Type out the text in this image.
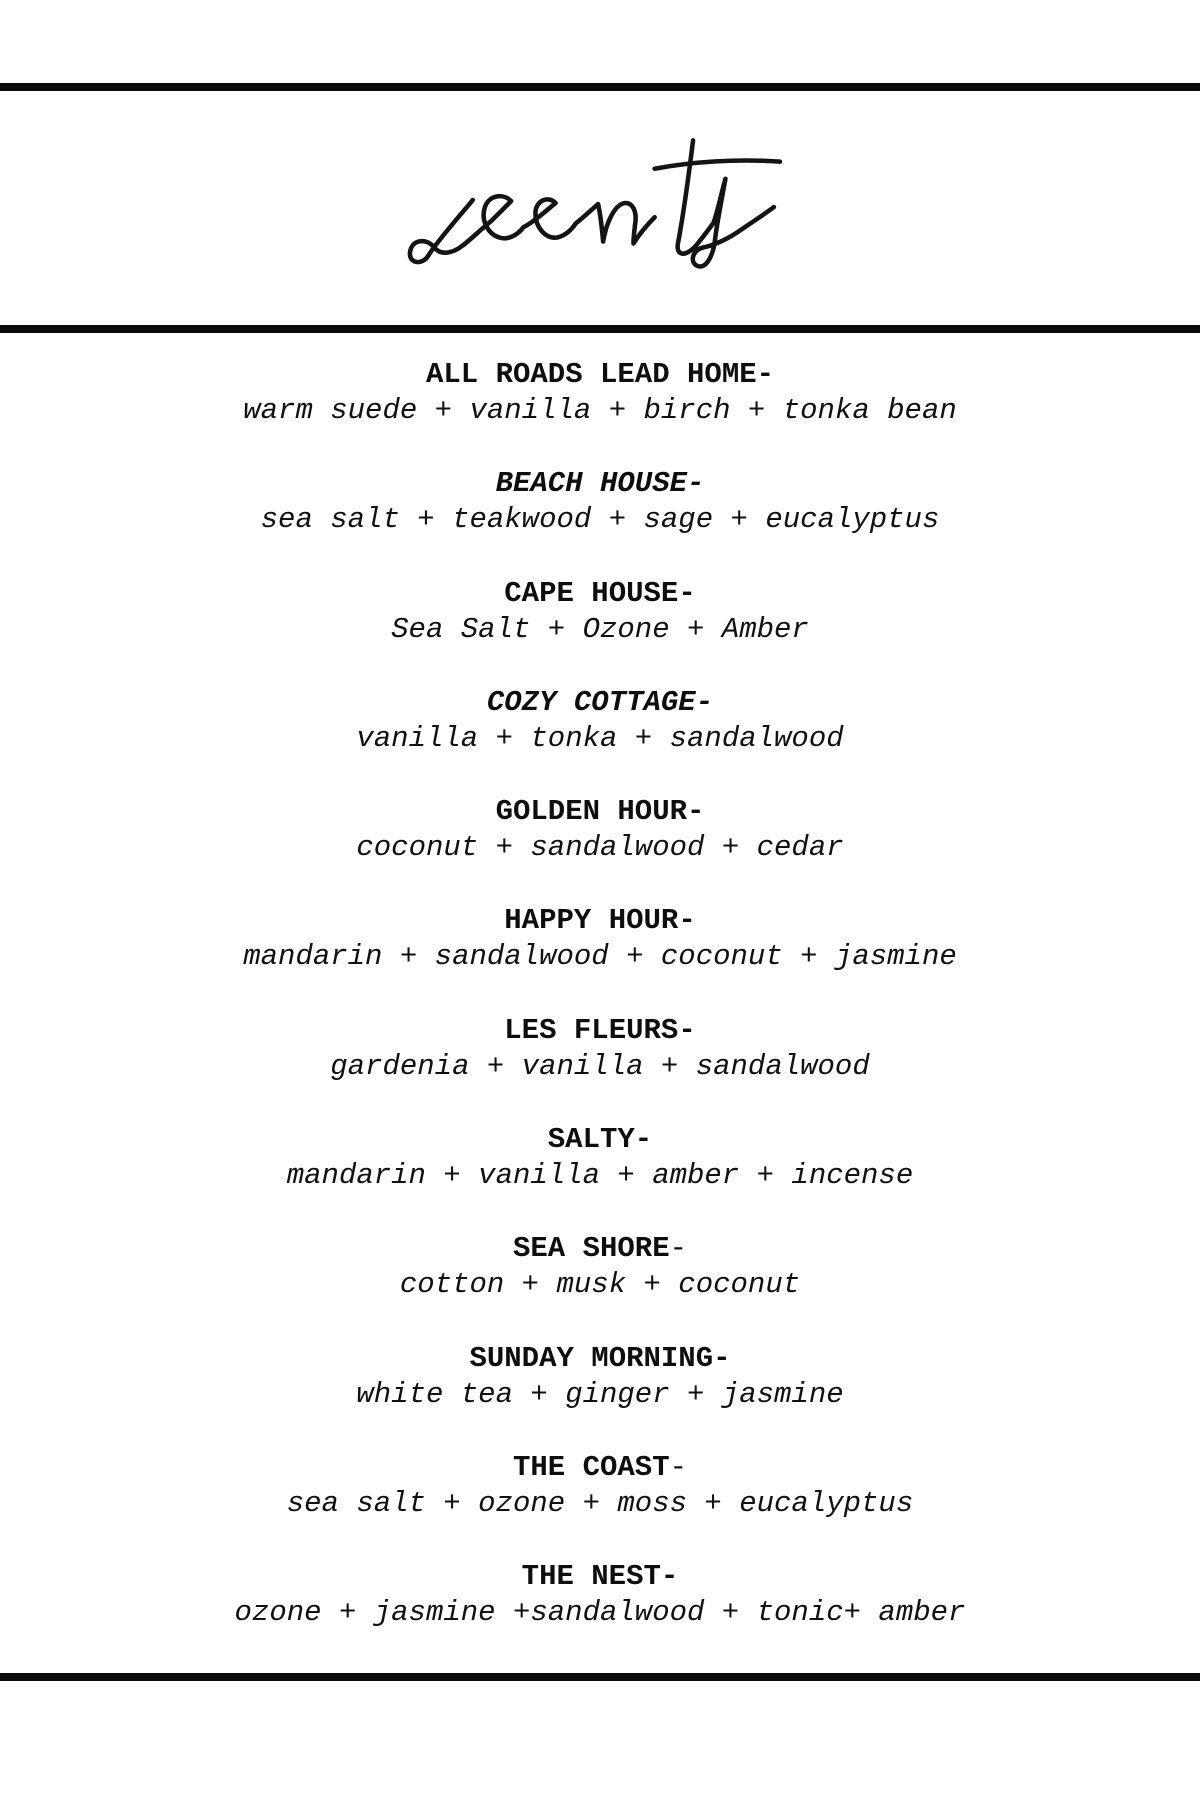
ALL ROADS LEAD HOME-

warm suede + vanilla + birch + tonka bean

BEACH HOUSE-

sea salt + teakwood + sage + eucalyptus

CAPE HOUSE-

Sea Salt + Ozone + Amber

COZY COTTAGE-

vanilla + tonka + sandalwood

GOLDEN HOUR-

coconut + sandalwood + cedar

HAPPY HOUR-

mandarin + sandalwood + coconut + jasmine

LES FLEURS-

gardenia + vanilla + sandalwood

SALTY-

mandarin + vanilla + amber + incense

SEA SHORE-

cotton + musk + coconut

SUNDAY MORNING-

white tea + ginger + jasmine

THE COAST-

sea salt + ozone + moss + eucalyptus

THE NEST-

ozone + jasmine +sandalwood + tonic+ amber
